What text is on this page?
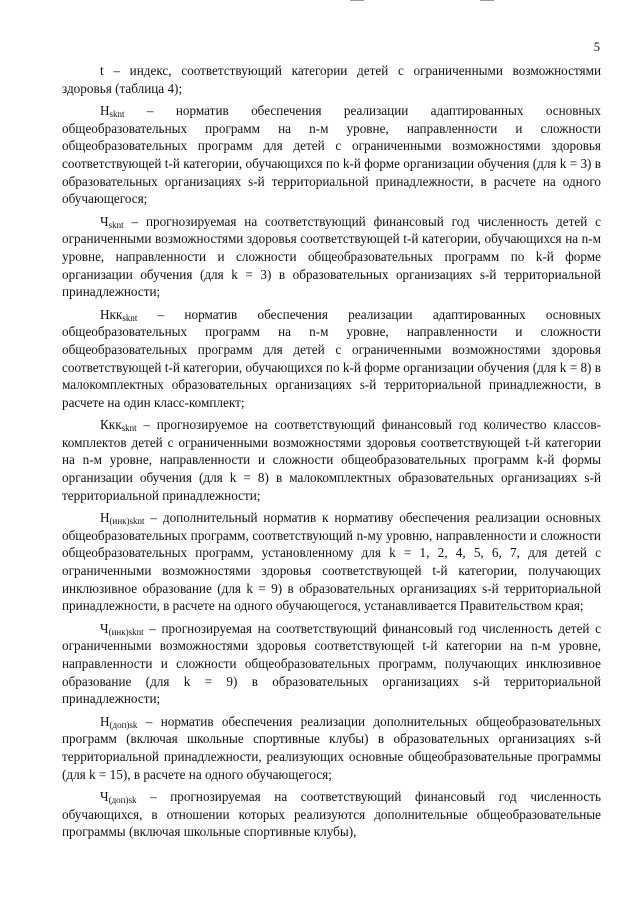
5

t – индекс, соответствующий категории детей с ограниченными возможностями здоровья (таблица 4);

$Н_{sknt}$ – норматив обеспечения реализации адаптированных основных общеобразовательных программ на n-м уровне, направленности и сложности общеобразовательных программ для детей с ограниченными возможностями здоровья соответствующей t-й категории, обучающихся по k-й форме организации обучения (для k = 3) в образовательных организациях s-й территориальной принадлежности, в расчете на одного обучающегося;

$Ч_{sknt}$ – прогнозируемая на соответствующий финансовый год численность детей с ограниченными возможностями здоровья соответствующей t-й категории, обучающихся на n-м уровне, направленности и сложности общеобразовательных программ по k-й форме организации обучения (для k = 3) в образовательных организациях s-й территориальной принадлежности;

Нкк$_{sknt}$ – норматив обеспечения реализации адаптированных основных общеобразовательных программ на n-м уровне, направленности и сложности общеобразовательных программ для детей с ограниченными возможностями здоровья соответствующей t-й категории, обучающихся по k-й форме организации обучения (для k = 8) в малокомплектных образовательных организациях s-й территориальной принадлежности, в расчете на один класс-комплект;

Ккк$_{sknt}$ – прогнозируемое на соответствующий финансовый год количество классов-комплектов детей с ограниченными возможностями здоровья соответствующей t-й категории на n-м уровне, направленности и сложности общеобразовательных программ k-й формы организации обучения (для k = 8) в малокомплектных образовательных организациях s-й территориальной принадлежности;

$Н_{(инк)sknt}$ – дополнительный норматив к нормативу обеспечения реализации основных общеобразовательных программ, соответствующий n-му уровню, направленности и сложности общеобразовательных программ, установленному для k = 1, 2, 4, 5, 6, 7, для детей с ограниченными возможностями здоровья соответствующей t-й категории, получающих инклюзивное образование (для k = 9) в образовательных организациях s-й территориальной принадлежности, в расчете на одного обучающегося, устанавливается Правительством края;

$Ч_{(инк)sknt}$ – прогнозируемая на соответствующий финансовый год численность детей с ограниченными возможностями здоровья соответствующей t-й категории на n-м уровне, направленности и сложности общеобразовательных программ, получающих инклюзивное образование (для k = 9) в образовательных организациях s-й территориальной принадлежности;

$Н_{(доп)sk}$ – норматив обеспечения реализации дополнительных общеобразовательных программ (включая школьные спортивные клубы) в образовательных организациях s-й территориальной принадлежности, реализующих основные общеобразовательные программы (для k = 15), в расчете на одного обучающегося;

$Ч_{(доп)sk}$ – прогнозируемая на соответствующий финансовый год численность обучающихся, в отношении которых реализуются дополнительные общеобразовательные программы (включая школьные спортивные клубы),
